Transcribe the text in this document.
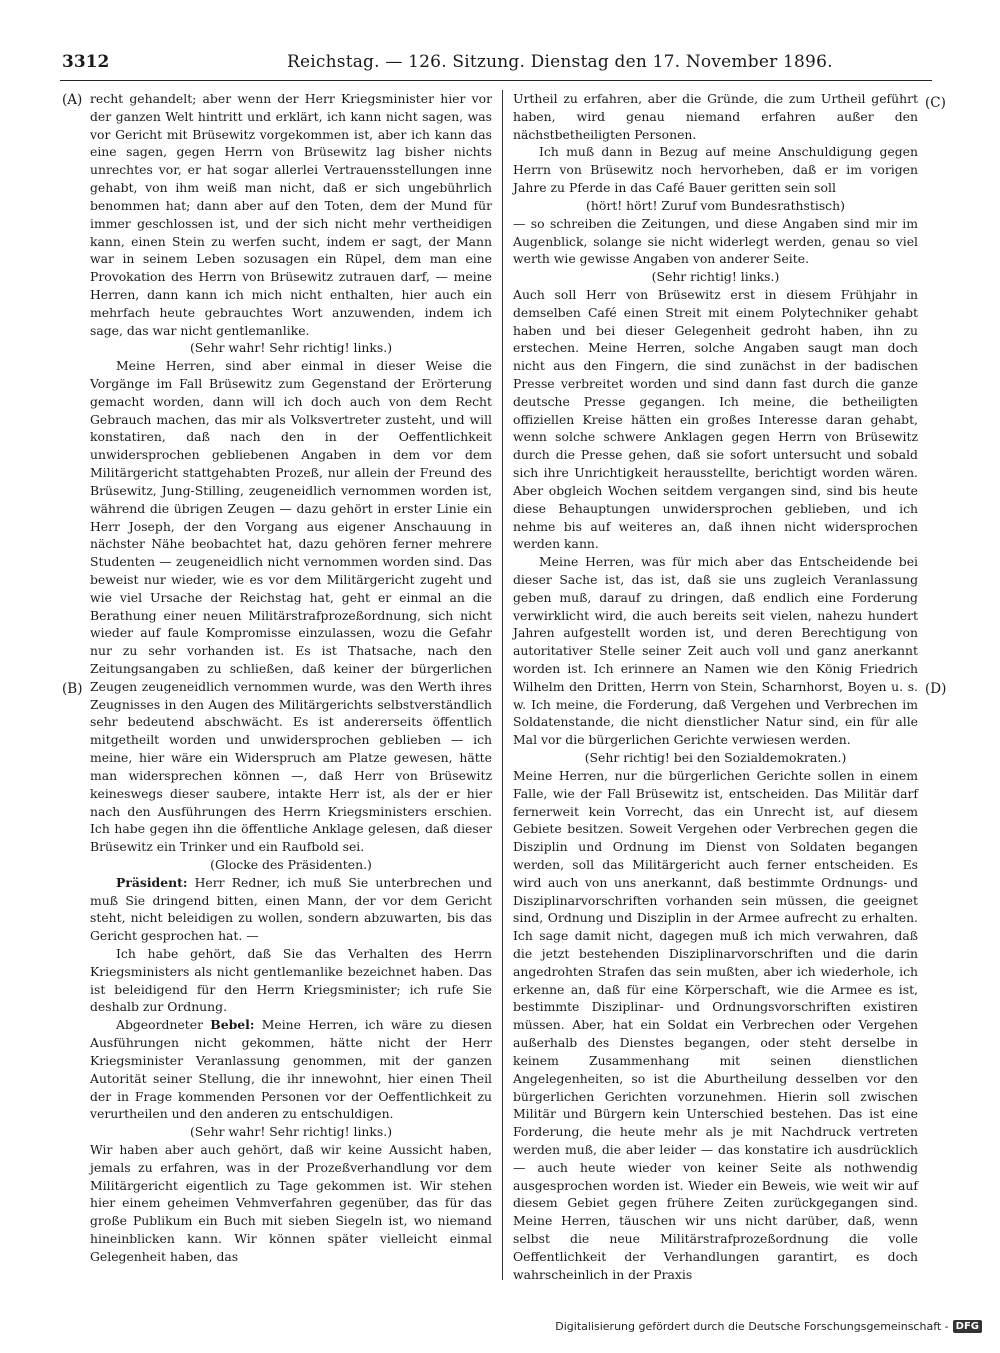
3312	Reichstag. — 126. Sitzung. Dienstag den 17. November 1896.
(A)
(B)
(C)
(D)

recht gehandelt; aber wenn der Herr Kriegsminister hier vor der ganzen Welt hintritt und erklärt, ich kann nicht sagen, was vor Gericht mit Brüsewitz vorgekommen ist, aber ich kann das eine sagen, gegen Herrn von Brüsewitz lag bisher nichts unrechtes vor, er hat sogar allerlei Vertrauensstellungen inne gehabt, von ihm weiß man nicht, daß er sich ungebührlich benommen hat; dann aber auf den Toten, dem der Mund für immer geschlossen ist, und der sich nicht mehr vertheidigen kann, einen Stein zu werfen sucht, indem er sagt, der Mann war in seinem Leben sozusagen ein Rüpel, dem man eine Provokation des Herrn von Brüsewitz zutrauen darf, — meine Herren, dann kann ich mich nicht enthalten, hier auch ein mehrfach heute gebrauchtes Wort anzuwenden, indem ich sage, das war nicht gentlemanlike.

(Sehr wahr! Sehr richtig! links.)

Meine Herren, sind aber einmal in dieser Weise die Vorgänge im Fall Brüsewitz zum Gegenstand der Erörterung gemacht worden, dann will ich doch auch von dem Recht Gebrauch machen, das mir als Volksvertreter zusteht, und will konstatiren, daß nach den in der Oeffentlichkeit unwidersprochen gebliebenen Angaben in dem vor dem Militärgericht stattgehabten Prozeß, nur allein der Freund des Brüsewitz, Jung-Stilling, zeugeneidlich vernommen worden ist, während die übrigen Zeugen — dazu gehört in erster Linie ein Herr Joseph, der den Vorgang aus eigener Anschauung in nächster Nähe beobachtet hat, dazu gehören ferner mehrere Studenten — zeugeneidlich nicht vernommen worden sind. Das beweist nur wieder, wie es vor dem Militärgericht zugeht und wie viel Ursache der Reichstag hat, geht er einmal an die Berathung einer neuen Militärstrafprozeßordnung, sich nicht wieder auf faule Kompromisse einzulassen, wozu die Gefahr nur zu sehr vorhanden ist. Es ist Thatsache, nach den Zeitungsangaben zu schließen, daß keiner der bürgerlichen Zeugen zeugeneidlich vernommen wurde, was den Werth ihres Zeugnisses in den Augen des Militärgerichts selbstverständlich sehr bedeutend abschwächt. Es ist andererseits öffentlich mitgetheilt worden und unwidersprochen geblieben — ich meine, hier wäre ein Widerspruch am Platze gewesen, hätte man widersprechen können —, daß Herr von Brüsewitz keineswegs dieser saubere, intakte Herr ist, als der er hier nach den Ausführungen des Herrn Kriegsministers erschien. Ich habe gegen ihn die öffentliche Anklage gelesen, daß dieser Brüsewitz ein Trinker und ein Raufbold sei.

(Glocke des Präsidenten.)

Präsident: Herr Redner, ich muß Sie unterbrechen und muß Sie dringend bitten, einen Mann, der vor dem Gericht steht, nicht beleidigen zu wollen, sondern abzuwarten, bis das Gericht gesprochen hat. —

Ich habe gehört, daß Sie das Verhalten des Herrn Kriegsministers als nicht gentlemanlike bezeichnet haben. Das ist beleidigend für den Herrn Kriegsminister; ich rufe Sie deshalb zur Ordnung.

Abgeordneter Bebel: Meine Herren, ich wäre zu diesen Ausführungen nicht gekommen, hätte nicht der Herr Kriegsminister Veranlassung genommen, mit der ganzen Autorität seiner Stellung, die ihr innewohnt, hier einen Theil der in Frage kommenden Personen vor der Oeffentlichkeit zu verurtheilen und den anderen zu entschuldigen.

(Sehr wahr! Sehr richtig! links.)

Wir haben aber auch gehört, daß wir keine Aussicht haben, jemals zu erfahren, was in der Prozeßverhandlung vor dem Militärgericht eigentlich zu Tage gekommen ist. Wir stehen hier einem geheimen Vehmverfahren gegenüber, das für das große Publikum ein Buch mit sieben Siegeln ist, wo niemand hineinblicken kann. Wir können später vielleicht einmal Gelegenheit haben, das

Urtheil zu erfahren, aber die Gründe, die zum Urtheil geführt haben, wird genau niemand erfahren außer den nächstbetheiligten Personen.

Ich muß dann in Bezug auf meine Anschuldigung gegen Herrn von Brüsewitz noch hervorheben, daß er im vorigen Jahre zu Pferde in das Café Bauer geritten sein soll

(hört! hört! Zuruf vom Bundesrathstisch)

— so schreiben die Zeitungen, und diese Angaben sind mir im Augenblick, solange sie nicht widerlegt werden, genau so viel werth wie gewisse Angaben von anderer Seite.

(Sehr richtig! links.)

Auch soll Herr von Brüsewitz erst in diesem Frühjahr in demselben Café einen Streit mit einem Polytechniker gehabt haben und bei dieser Gelegenheit gedroht haben, ihn zu erstechen. Meine Herren, solche Angaben saugt man doch nicht aus den Fingern, die sind zunächst in der badischen Presse verbreitet worden und sind dann fast durch die ganze deutsche Presse gegangen. Ich meine, die betheiligten offiziellen Kreise hätten ein großes Interesse daran gehabt, wenn solche schwere Anklagen gegen Herrn von Brüsewitz durch die Presse gehen, daß sie sofort untersucht und sobald sich ihre Unrichtigkeit herausstellte, berichtigt worden wären. Aber obgleich Wochen seitdem vergangen sind, sind bis heute diese Behauptungen unwidersprochen geblieben, und ich nehme bis auf weiteres an, daß ihnen nicht widersprochen werden kann.

Meine Herren, was für mich aber das Entscheidende bei dieser Sache ist, das ist, daß sie uns zugleich Veranlassung geben muß, darauf zu dringen, daß endlich eine Forderung verwirklicht wird, die auch bereits seit vielen, nahezu hundert Jahren aufgestellt worden ist, und deren Berechtigung von autoritativer Stelle seiner Zeit auch voll und ganz anerkannt worden ist. Ich erinnere an Namen wie den König Friedrich Wilhelm den Dritten, Herrn von Stein, Scharnhorst, Boyen u. s. w. Ich meine, die Forderung, daß Vergehen und Verbrechen im Soldatenstande, die nicht dienstlicher Natur sind, ein für alle Mal vor die bürgerlichen Gerichte verwiesen werden.

(Sehr richtig! bei den Sozialdemokraten.)

Meine Herren, nur die bürgerlichen Gerichte sollen in einem Falle, wie der Fall Brüsewitz ist, entscheiden. Das Militär darf fernerweit kein Vorrecht, das ein Unrecht ist, auf diesem Gebiete besitzen. Soweit Vergehen oder Verbrechen gegen die Disziplin und Ordnung im Dienst von Soldaten begangen werden, soll das Militärgericht auch ferner entscheiden. Es wird auch von uns anerkannt, daß bestimmte Ordnungs- und Disziplinarvorschriften vorhanden sein müssen, die geeignet sind, Ordnung und Disziplin in der Armee aufrecht zu erhalten. Ich sage damit nicht, dagegen muß ich mich verwahren, daß die jetzt bestehenden Disziplinarvorschriften und die darin angedrohten Strafen das sein mußten, aber ich wiederhole, ich erkenne an, daß für eine Körperschaft, wie die Armee es ist, bestimmte Disziplinar- und Ordnungsvorschriften existiren müssen. Aber, hat ein Soldat ein Verbrechen oder Vergehen außerhalb des Dienstes begangen, oder steht derselbe in keinem Zusammenhang mit seinen dienstlichen Angelegenheiten, so ist die Aburtheilung desselben vor den bürgerlichen Gerichten vorzunehmen. Hierin soll zwischen Militär und Bürgern kein Unterschied bestehen. Das ist eine Forderung, die heute mehr als je mit Nachdruck vertreten werden muß, die aber leider — das konstatire ich ausdrücklich — auch heute wieder von keiner Seite als nothwendig ausgesprochen worden ist. Wieder ein Beweis, wie weit wir auf diesem Gebiet gegen frühere Zeiten zurückgegangen sind. Meine Herren, täuschen wir uns nicht darüber, daß, wenn selbst die neue Militärstrafprozeßordnung die volle Oeffentlichkeit der Verhandlungen garantirt, es doch wahrscheinlich in der Praxis

Digitalisierung gefördert durch die Deutsche Forschungsgemeinschaft - DFG
